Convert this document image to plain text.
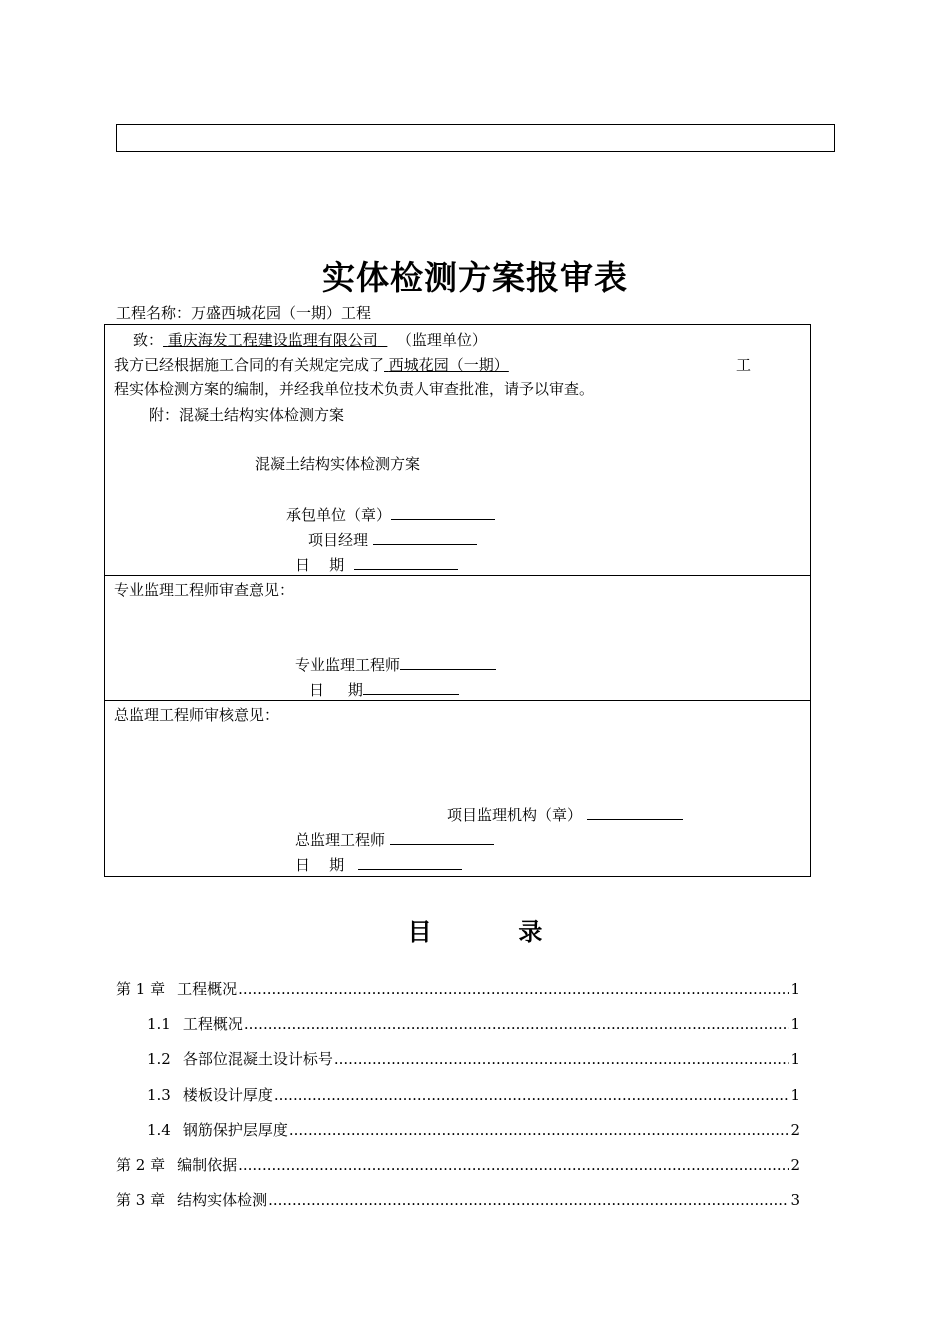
实体检测方案报审表
工程名称：万盛西城花园（一期）工程
致： 重庆海发工程建设监理有限公司 （监理单位）
我方已经根据施工合同的有关规定完成了 西城花园（一期）	工
程实体检测方案的编制，并经我单位技术负责人审查批准，请予以审查。
附：混凝土结构实体检测方案
混凝土结构实体检测方案
承包单位（章）
项目经理
日    期
专业监理工程师审查意见：
专业监理工程师
日     期
总监理工程师审核意见：
项目监理机构（章）
总监理工程师
日    期
目	录
第 1 章 工程概况 .....	1
1.1 工程概况 .....	1
1.2 各部位混凝土设计标号 .....	1
1.3 楼板设计厚度 .....	1
1.4 钢筋保护层厚度 .....	2
第 2 章 编制依据 .....	2
第 3 章 结构实体检测 .....	3
